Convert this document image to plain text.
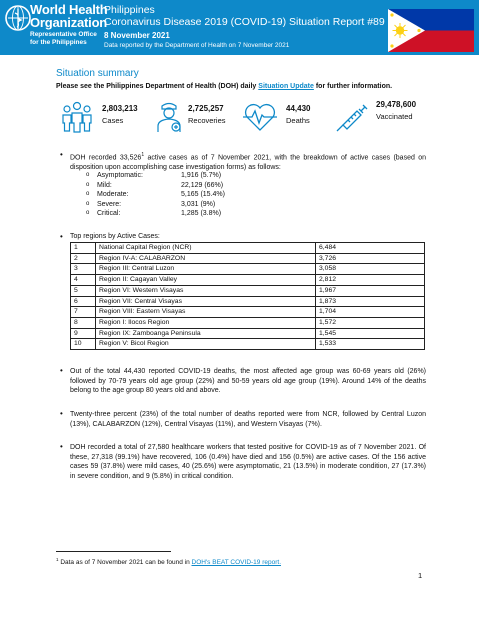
World Health
Organization
Representative Office
for the Philippines
Philippines
Coronavirus Disease 2019 (COVID-19) Situation Report #89
8 November 2021
Data reported by the Department of Health on 7 November 2021
Situation summary
Please see the Philippines Department of Health (DOH) daily Situation Update for further information.
2,803,213
Cases
2,725,257
Recoveries
44,430
Deaths
29,478,600
Vaccinated
• DOH recorded 33,526$^1$ active cases as of 7 November 2021, with the breakdown of active cases (based on disposition upon accomplishing case investigation forms) as follows:
o Asymptomatic:	1,916 (5.7%)
o Mild:	22,129 (66%)
o Moderate:	5,165 (15.4%)
o Severe:	3,031 (9%)
o Critical:	1,285 (3.8%)
• Top regions by Active Cases:
1	National Capital Region (NCR)	6,484
2	Region IV-A: CALABARZON	3,726
3	Region III: Central Luzon	3,058
4	Region II: Cagayan Valley	2,812
5	Region VI: Western Visayas	1,967
6	Region VII: Central Visayas	1,873
7	Region VIII: Eastern Visayas	1,704
8	Region I: Ilocos Region	1,572
9	Region IX: Zamboanga Peninsula	1,545
10	Region V: Bicol Region	1,533
• Out of the total 44,430 reported COVID-19 deaths, the most affected age group was 60-69 years old (26%) followed by 70-79 years old age group (22%) and 50-59 years old age group (19%). Around 14% of the deaths belong to the age group 80 years old and above.
• Twenty-three percent (23%) of the total number of deaths reported were from NCR, followed by Central Luzon (13%), CALABARZON (12%), Central Visayas (11%), and Western Visayas (7%).
• DOH recorded a total of 27,580 healthcare workers that tested positive for COVID-19 as of 7 November 2021. Of these, 27,318 (99.1%) have recovered, 106 (0.4%) have died and 156 (0.5%) are active cases. Of the 156 active cases 59 (37.8%) were mild cases, 40 (25.6%) were asymptomatic, 21 (13.5%) in moderate condition, 27 (17.3%) in severe condition, and 9 (5.8%) in critical condition.
$^1$ Data as of 7 November 2021 can be found in DOH's BEAT COVID-19 report.
1
